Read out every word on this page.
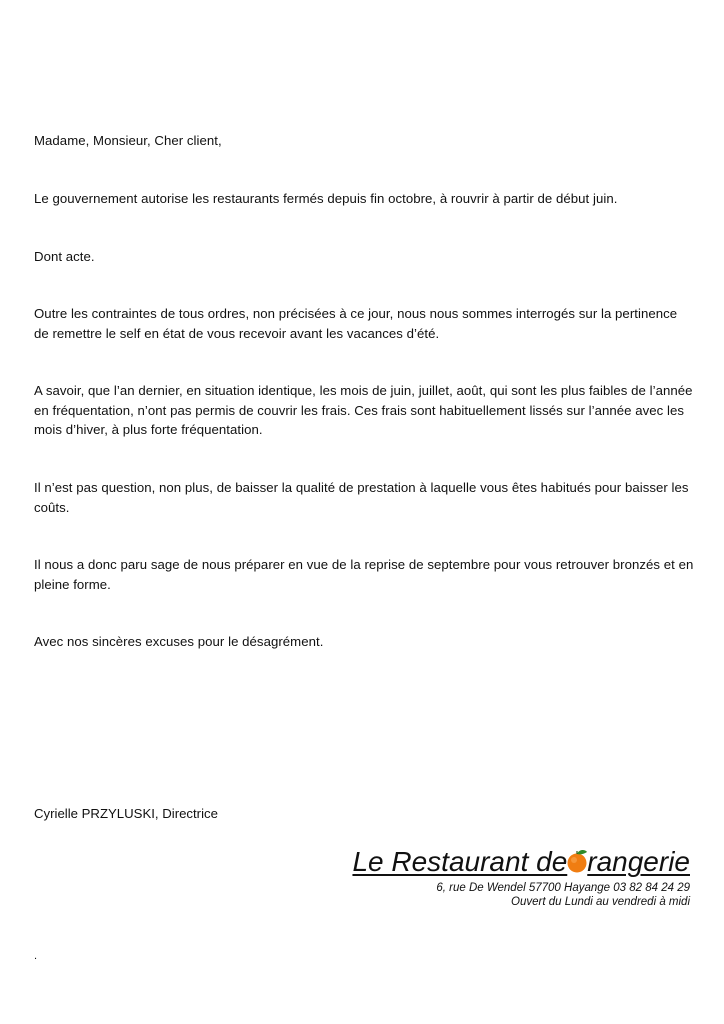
Madame, Monsieur, Cher client,

Le gouvernement autorise les restaurants fermés depuis fin octobre, à rouvrir à partir de début juin.

Dont acte.

Outre les contraintes de tous ordres, non précisées à ce jour, nous nous sommes interrogés sur la pertinence de remettre le self en état de vous recevoir avant les vacances d’été.

A savoir, que l’an dernier, en situation identique, les mois de juin, juillet, août, qui sont les plus faibles de l’année en fréquentation, n’ont pas permis de couvrir les frais. Ces frais sont habituellement lissés sur l’année avec les mois d’hiver, à plus forte fréquentation.

Il n’est pas question, non plus, de baisser la qualité de prestation à laquelle vous êtes habitués pour baisser les coûts.

Il nous a donc paru sage de nous préparer en vue de la reprise de septembre pour vous retrouver bronzés et en pleine forme.

Avec nos sincères excuses pour le désagrément.

Cyrielle PRZYLUSKI, Directrice

Le Restaurant de rangerie

6, rue De Wendel 57700 Hayange 03 82 84 24 29

Ouvert du Lundi au vendredi à midi

.
